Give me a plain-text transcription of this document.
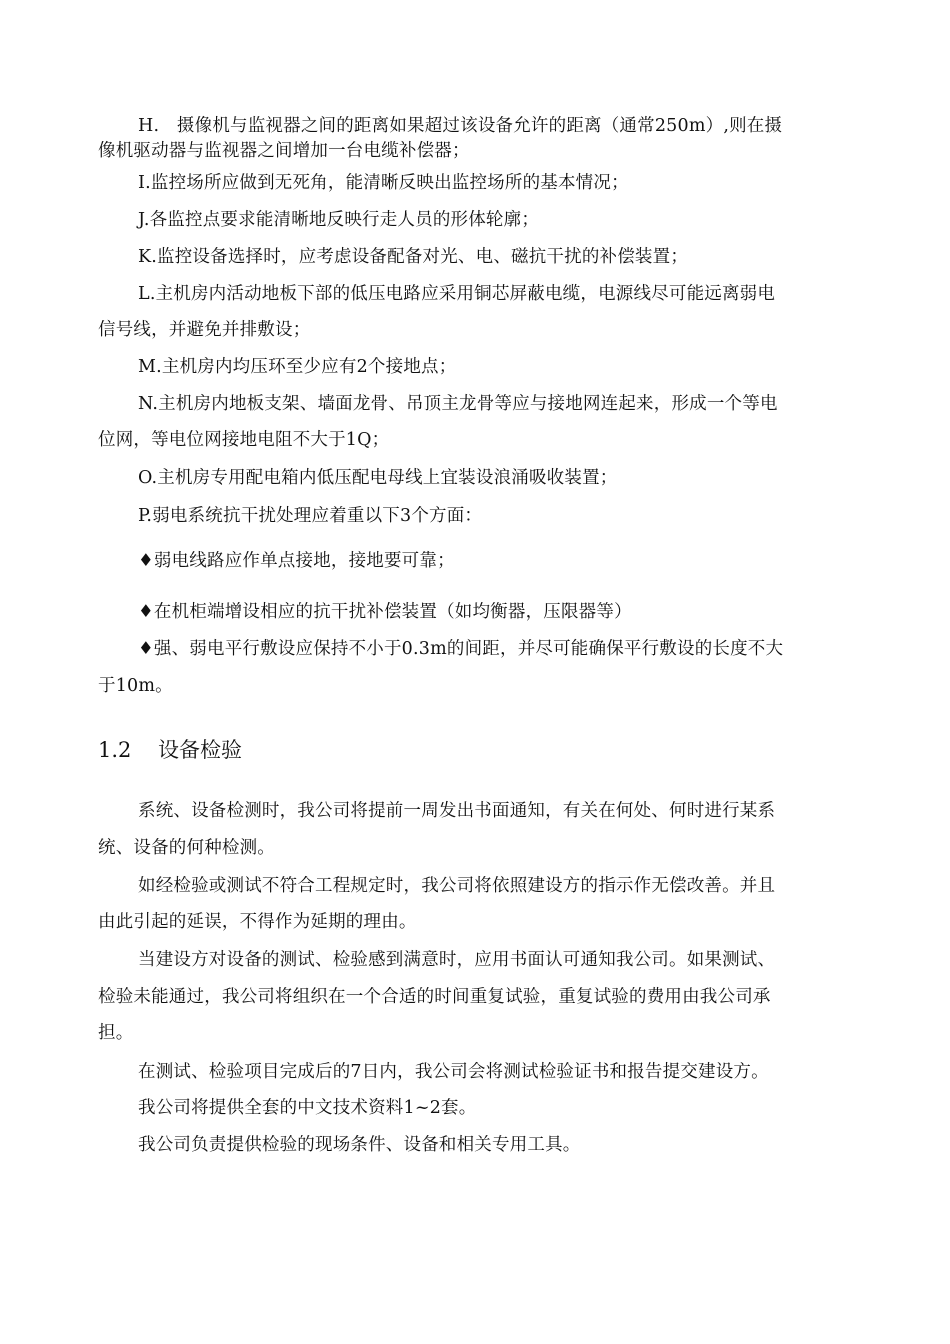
H.　摄像机与监视器之间的距离如果超过该设备允许的距离（通常250m）,则在摄
像机驱动器与监视器之间增加一台电缆补偿器；
I.监控场所应做到无死角，能清晰反映出监控场所的基本情况；
J.各监控点要求能清晰地反映行走人员的形体轮廓；
K.监控设备选择时，应考虑设备配备对光、电、磁抗干扰的补偿装置；
L.主机房内活动地板下部的低压电路应采用铜芯屏蔽电缆，电源线尽可能远离弱电
信号线，并避免并排敷设；
M.主机房内均压环至少应有2个接地点；
N.主机房内地板支架、墙面龙骨、吊顶主龙骨等应与接地网连起来，形成一个等电
位网，等电位网接地电阻不大于1Q；
O.主机房专用配电箱内低压配电母线上宜装设浪涌吸收装置；
P.弱电系统抗干扰处理应着重以下3个方面：
♦弱电线路应作单点接地，接地要可靠；
♦在机柜端增设相应的抗干扰补偿装置（如均衡器，压限器等）
♦强、弱电平行敷设应保持不小于0.3m的间距，并尽可能确保平行敷设的长度不大
于10m。
1.2 设备检验
系统、设备检测时，我公司将提前一周发出书面通知，有关在何处、何时进行某系
统、设备的何种检测。
如经检验或测试不符合工程规定时，我公司将依照建设方的指示作无偿改善。并且
由此引起的延误，不得作为延期的理由。
当建设方对设备的测试、检验感到满意时，应用书面认可通知我公司。如果测试、
检验未能通过，我公司将组织在一个合适的时间重复试验，重复试验的费用由我公司承
担。
在测试、检验项目完成后的7日内，我公司会将测试检验证书和报告提交建设方。
我公司将提供全套的中文技术资料1~2套。
我公司负责提供检验的现场条件、设备和相关专用工具。
